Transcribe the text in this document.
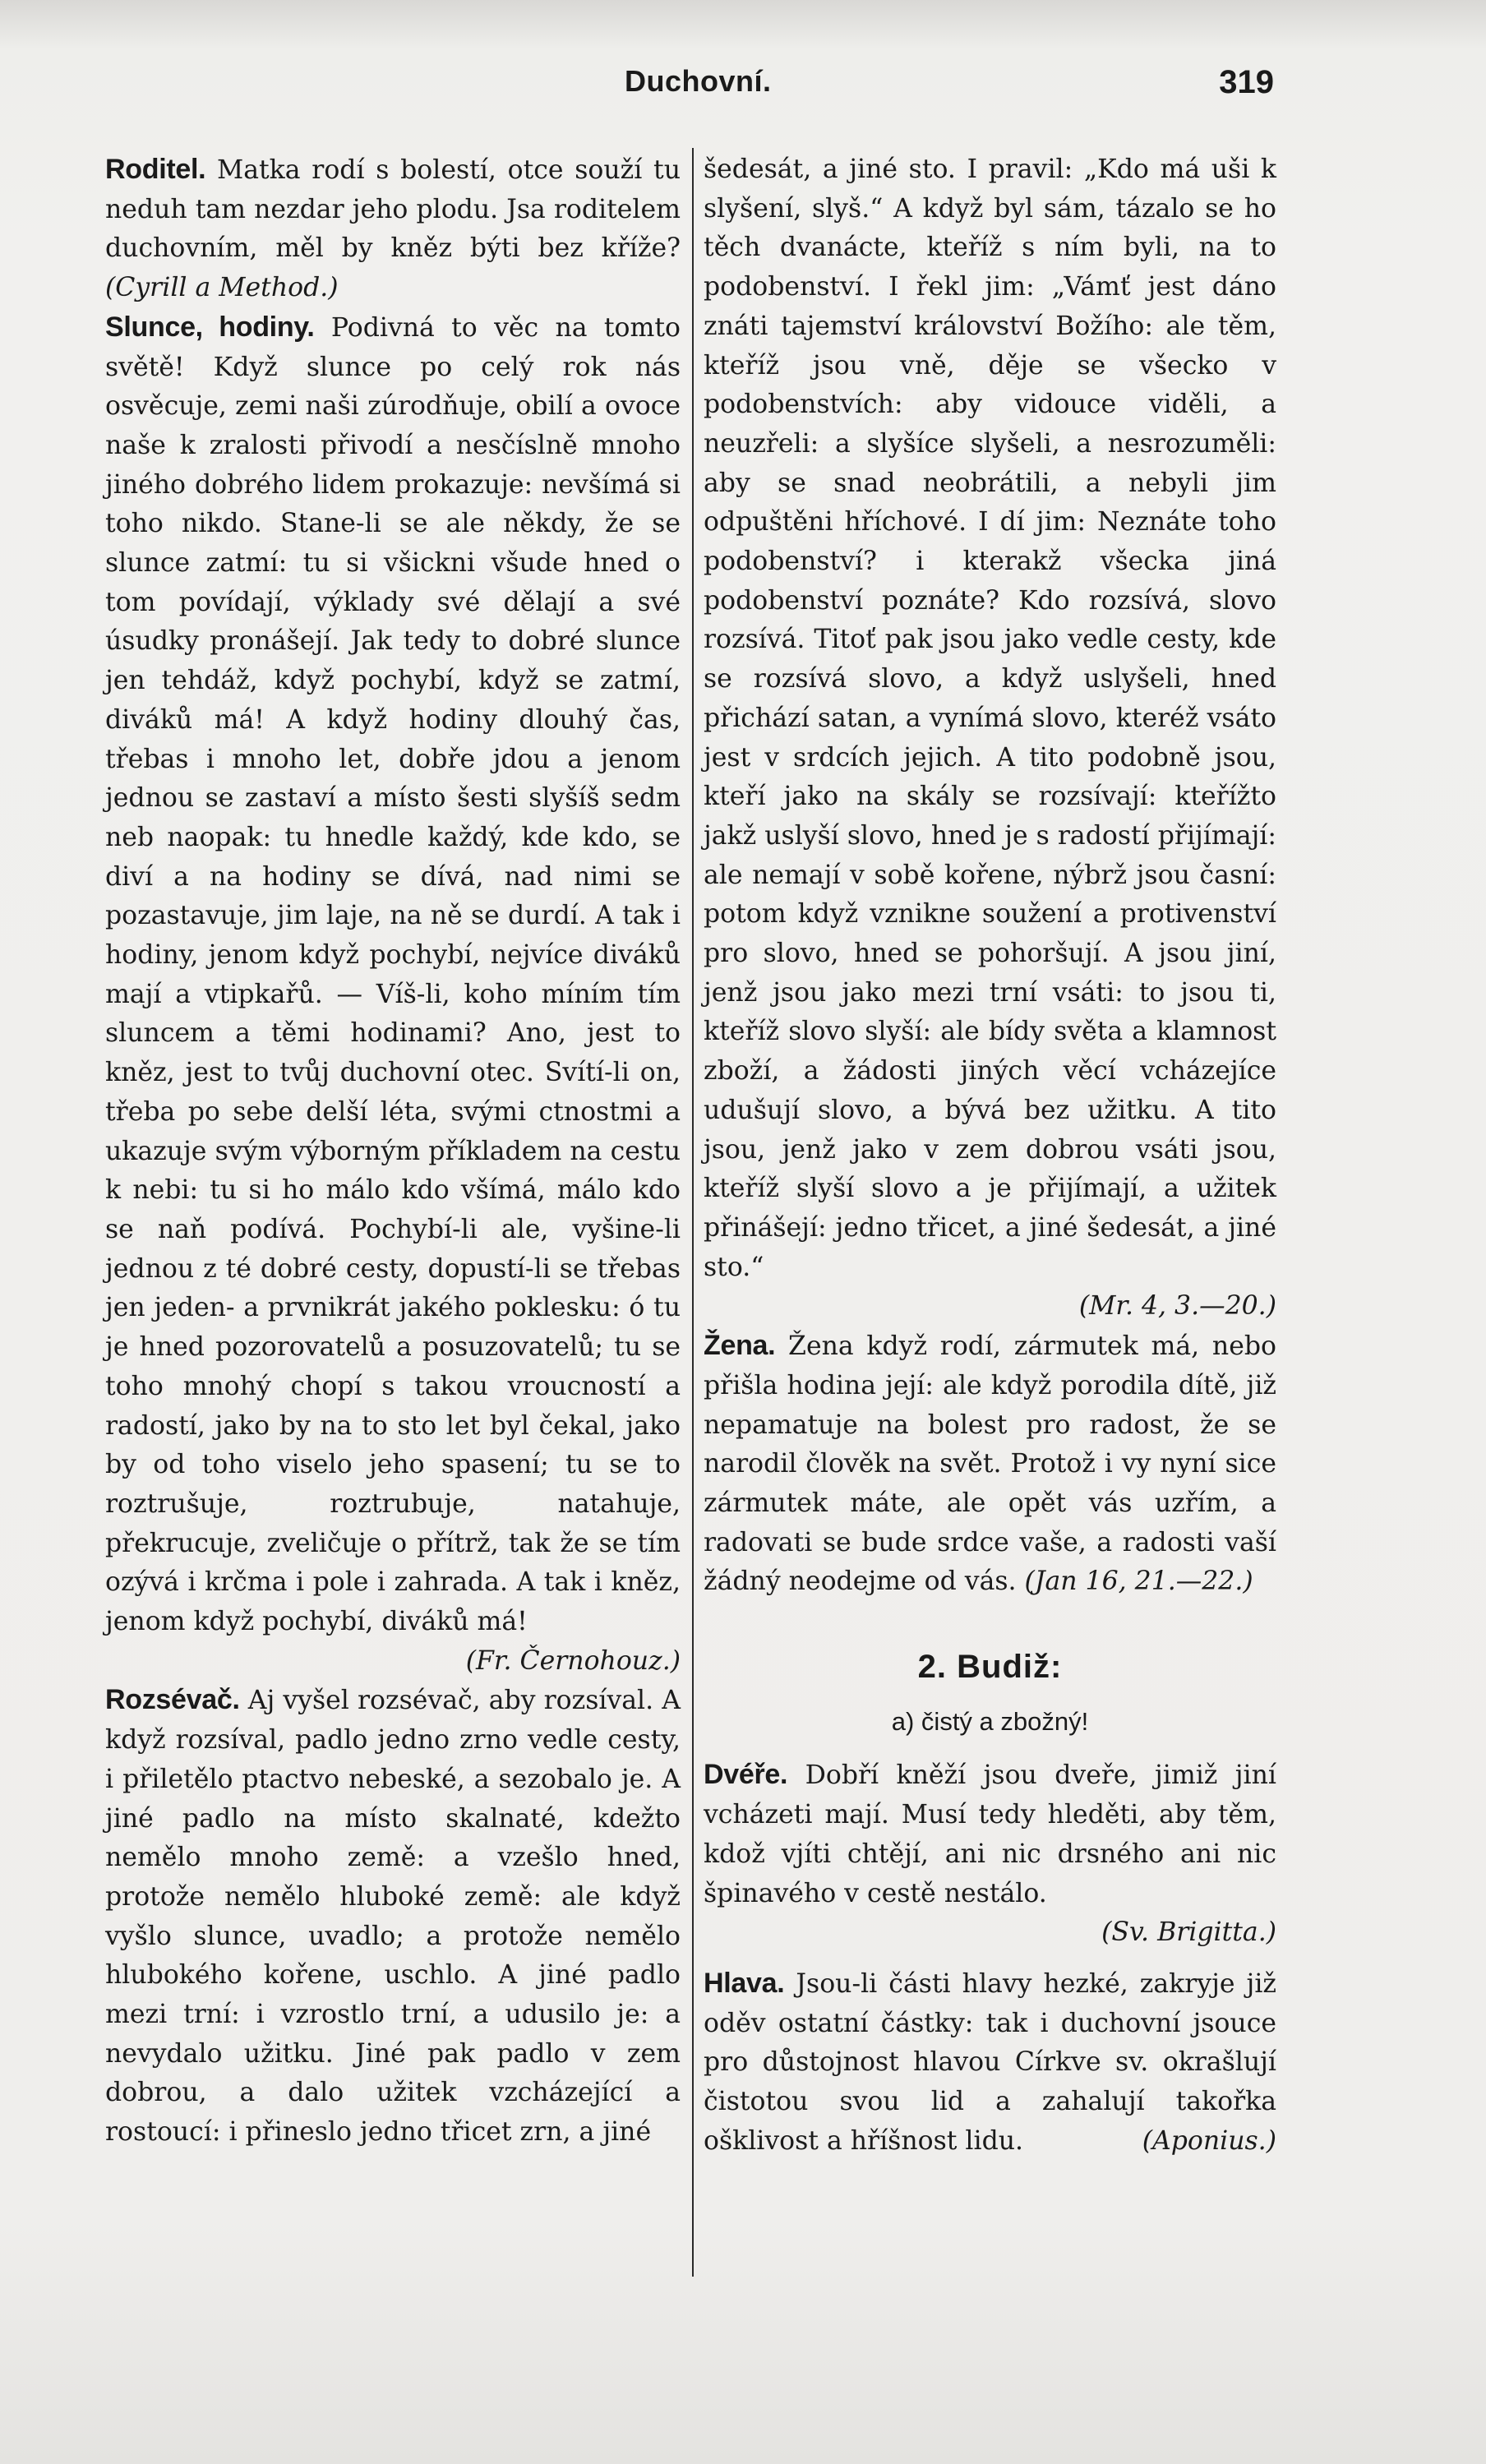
Duchovní.	319

Roditel. Matka rodí s bolestí, otce souží tu neduh tam nezdar jeho plodu. Jsa roditelem duchovním, měl by kněz býti bez kříže? (Cyrill a Method.)

Slunce, hodiny. Podivná to věc na tomto světě! Když slunce po celý rok nás osvěcuje, zemi naši zúrodňuje, obilí a ovoce naše k zralosti přivodí a nesčíslně mnoho jiného dobrého lidem prokazuje: nevšímá si toho nikdo. Stane-li se ale někdy, že se slunce zatmí: tu si všickni všude hned o tom povídají, výklady své dělají a své úsudky pronášejí. Jak tedy to dobré slunce jen tehdáž, když pochybí, když se zatmí, diváků má! A když hodiny dlouhý čas, třebas i mnoho let, dobře jdou a jenom jednou se zastaví a místo šesti slyšíš sedm neb naopak: tu hnedle každý, kde kdo, se diví a na hodiny se dívá, nad nimi se pozastavuje, jim laje, na ně se durdí. A tak i hodiny, jenom když pochybí, nejvíce diváků mají a vtipkařů. — Víš-li, koho míním tím sluncem a těmi hodinami? Ano, jest to kněz, jest to tvůj duchovní otec. Svítí-li on, třeba po sebe delší léta, svými ctnostmi a ukazuje svým výborným příkladem na cestu k nebi: tu si ho málo kdo všímá, málo kdo se naň podívá. Pochybí-li ale, vyšine-li jednou z té dobré cesty, dopustí-li se třebas jen jeden- a prvnikrát jakého poklesku: ó tu je hned pozorovatelů a posuzovatelů; tu se toho mnohý chopí s takou vroucností a radostí, jako by na to sto let byl čekal, jako by od toho viselo jeho spasení; tu se to roztrušuje, roztrubuje, natahuje, překrucuje, zveličuje o přítrž, tak že se tím ozývá i krčma i pole i zahrada. A tak i kněz, jenom když pochybí, diváků má!

(Fr. Černohouz.)

Rozsévač. Aj vyšel rozsévač, aby rozsíval. A když rozsíval, padlo jedno zrno vedle cesty, i přiletělo ptactvo nebeské, a sezobalo je. A jiné padlo na místo skalnaté, kdežto nemělo mnoho země: a vzešlo hned, protože nemělo hluboké země: ale když vyšlo slunce, uvadlo; a protože nemělo hlubokého kořene, uschlo. A jiné padlo mezi trní: i vzrostlo trní, a udusilo je: a nevydalo užitku. Jiné pak padlo v zem dobrou, a dalo užitek vzcházející a rostoucí: i přineslo jedno třicet zrn, a jiné

šedesát, a jiné sto. I pravil: „Kdo má uši k slyšení, slyš.“ A když byl sám, tázalo se ho těch dvanácte, kteříž s ním byli, na to podobenství. I řekl jim: „Vámť jest dáno znáti tajemství království Božího: ale těm, kteříž jsou vně, děje se všecko v podobenstvích: aby vidouce viděli, a neuzřeli: a slyšíce slyšeli, a nesrozuměli: aby se snad neobrátili, a nebyli jim odpuštěni hříchové. I dí jim: Neznáte toho podobenství? i kterakž všecka jiná podobenství poznáte? Kdo rozsívá, slovo rozsívá. Titoť pak jsou jako vedle cesty, kde se rozsívá slovo, a když uslyšeli, hned přichází satan, a vynímá slovo, kteréž vsáto jest v srdcích jejich. A tito podobně jsou, kteří jako na skály se rozsívají: kteřížto jakž uslyší slovo, hned je s radostí přijímají: ale nemají v sobě kořene, nýbrž jsou časní: potom když vznikne soužení a protivenství pro slovo, hned se pohoršují. A jsou jiní, jenž jsou jako mezi trní vsáti: to jsou ti, kteříž slovo slyší: ale bídy světa a klamnost zboží, a žádosti jiných věcí vcházejíce udušují slovo, a bývá bez užitku. A tito jsou, jenž jako v zem dobrou vsáti jsou, kteříž slyší slovo a je přijímají, a užitek přinášejí: jedno třicet, a jiné šedesát, a jiné sto.“

(Mr. 4, 3.—20.)

Žena. Žena když rodí, zármutek má, nebo přišla hodina její: ale když porodila dítě, již nepamatuje na bolest pro radost, že se narodil člověk na svět. Protož i vy nyní sice zármutek máte, ale opět vás uzřím, a radovati se bude srdce vaše, a radosti vaší žádný neodejme od vás. (Jan 16, 21.—22.)

2. Budiž:

a) čistý a zbožný!

Dvéře. Dobří kněží jsou dveře, jimiž jiní vcházeti mají. Musí tedy hleděti, aby těm, kdož vjíti chtějí, ani nic drsného ani nic špinavého v cestě nestálo.

(Sv. Brigitta.)

Hlava. Jsou-li části hlavy hezké, zakryje již oděv ostatní částky: tak i duchovní jsouce pro důstojnost hlavou Církve sv. okrašlují čistotou svou lid a zahalují takořka ošklivost a hříšnost lidu.	(Aponius.)
